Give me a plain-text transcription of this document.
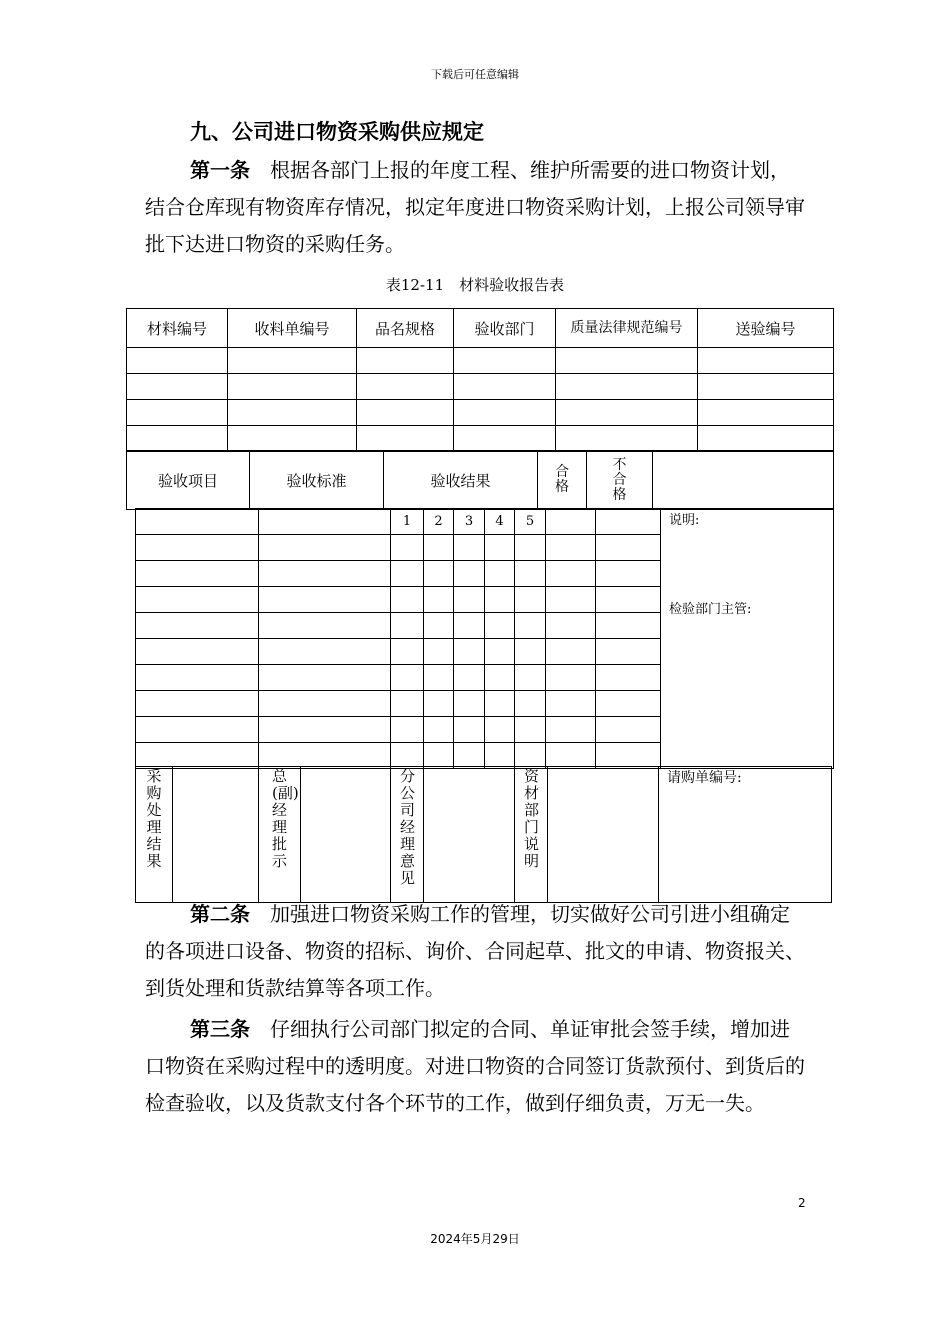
下载后可任意编辑
九、公司进口物资采购供应规定

第一条 根据各部门上报的年度工程、维护所需要的进口物资计划，结合仓库现有物资库存情况，拟定年度进口物资采购计划，上报公司领导审批下达进口物资的采购任务。

表12-11　材料验收报告表
材料编号	收料单编号	品名规格	验收部门	质量法律规范编号	送验编号

验收项目	验收标准	验收结果	合格	不合格	
		1	2	3	4	5			说明:
检验部门主管:

采购处理结果		总(副)经理批示		分公司经理意见		资材部门说明		请购单编号:

第二条 加强进口物资采购工作的管理，切实做好公司引进小组确定的各项进口设备、物资的招标、询价、合同起草、批文的申请、物资报关、到货处理和货款结算等各项工作。

第三条 仔细执行公司部门拟定的合同、单证审批会签手续，增加进口物资在采购过程中的透明度。对进口物资的合同签订货款预付、到货后的检查验收，以及货款支付各个环节的工作，做到仔细负责，万无一失。

2
2024年5月29日
